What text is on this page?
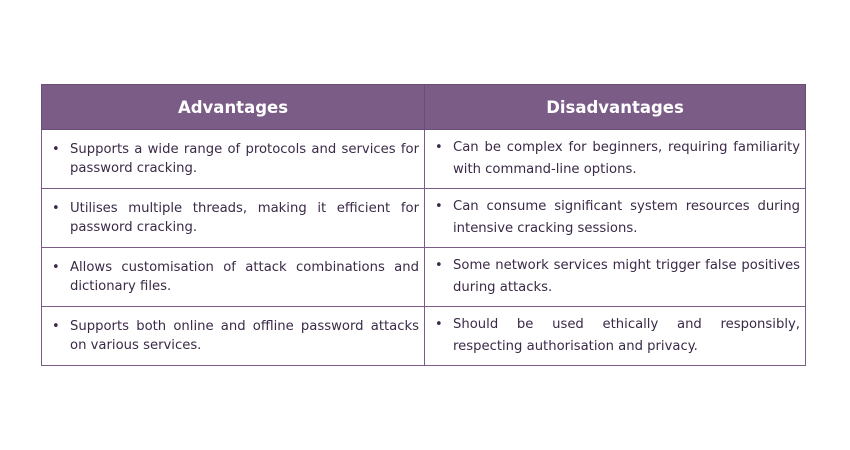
Advantages	Disadvantages

• Supports a wide range of protocols and services for password cracking.	• Can be complex for beginners, requiring familiarity with command-line options.

• Utilises multiple threads, making it efficient for password cracking.	• Can consume significant system resources during intensive cracking sessions.

• Allows customisation of attack combinations and dictionary files.	• Some network services might trigger false positives during attacks.

• Supports both online and offline password attacks on various services.	• Should be used ethically and responsibly, respecting authorisation and privacy.
